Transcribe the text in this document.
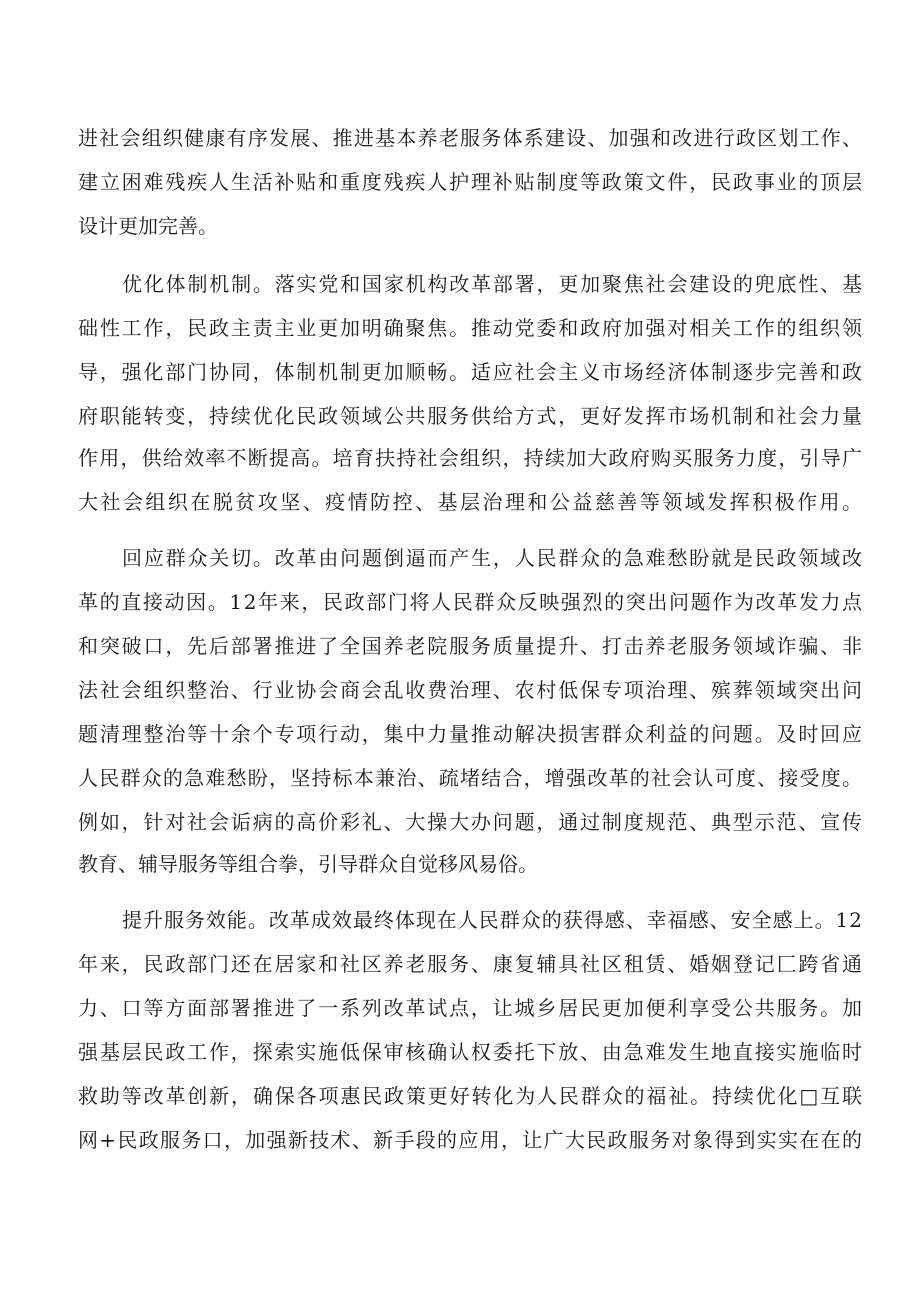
进社会组织健康有序发展、推进基本养老服务体系建设、加强和改进行政区划工作、
建立困难残疾人生活补贴和重度残疾人护理补贴制度等政策文件，民政事业的顶层
设计更加完善。
优化体制机制。落实党和国家机构改革部署，更加聚焦社会建设的兜底性、基
础性工作，民政主责主业更加明确聚焦。推动党委和政府加强对相关工作的组织领
导，强化部门协同，体制机制更加顺畅。适应社会主义市场经济体制逐步完善和政
府职能转变，持续优化民政领域公共服务供给方式，更好发挥市场机制和社会力量
作用，供给效率不断提高。培育扶持社会组织，持续加大政府购买服务力度，引导广
大社会组织在脱贫攻坚、疫情防控、基层治理和公益慈善等领域发挥积极作用。
回应群众关切。改革由问题倒逼而产生，人民群众的急难愁盼就是民政领域改
革的直接动因。12年来，民政部门将人民群众反映强烈的突出问题作为改革发力点
和突破口，先后部署推进了全国养老院服务质量提升、打击养老服务领域诈骗、非
法社会组织整治、行业协会商会乱收费治理、农村低保专项治理、殡葬领域突出问
题清理整治等十余个专项行动，集中力量推动解决损害群众利益的问题。及时回应
人民群众的急难愁盼，坚持标本兼治、疏堵结合，增强改革的社会认可度、接受度。
例如，针对社会诟病的高价彩礼、大操大办问题，通过制度规范、典型示范、宣传
教育、辅导服务等组合拳，引导群众自觉移风易俗。
提升服务效能。改革成效最终体现在人民群众的获得感、幸福感、安全感上。12
年来，民政部门还在居家和社区养老服务、康复辅具社区租赁、婚姻登记匚跨省通
力、口等方面部署推进了一系列改革试点，让城乡居民更加便利享受公共服务。加
强基层民政工作，探索实施低保审核确认权委托下放、由急难发生地直接实施临时
救助等改革创新，确保各项惠民政策更好转化为人民群众的福祉。持续优化□互联
网+民政服务口，加强新技术、新手段的应用，让广大民政服务对象得到实实在在的
